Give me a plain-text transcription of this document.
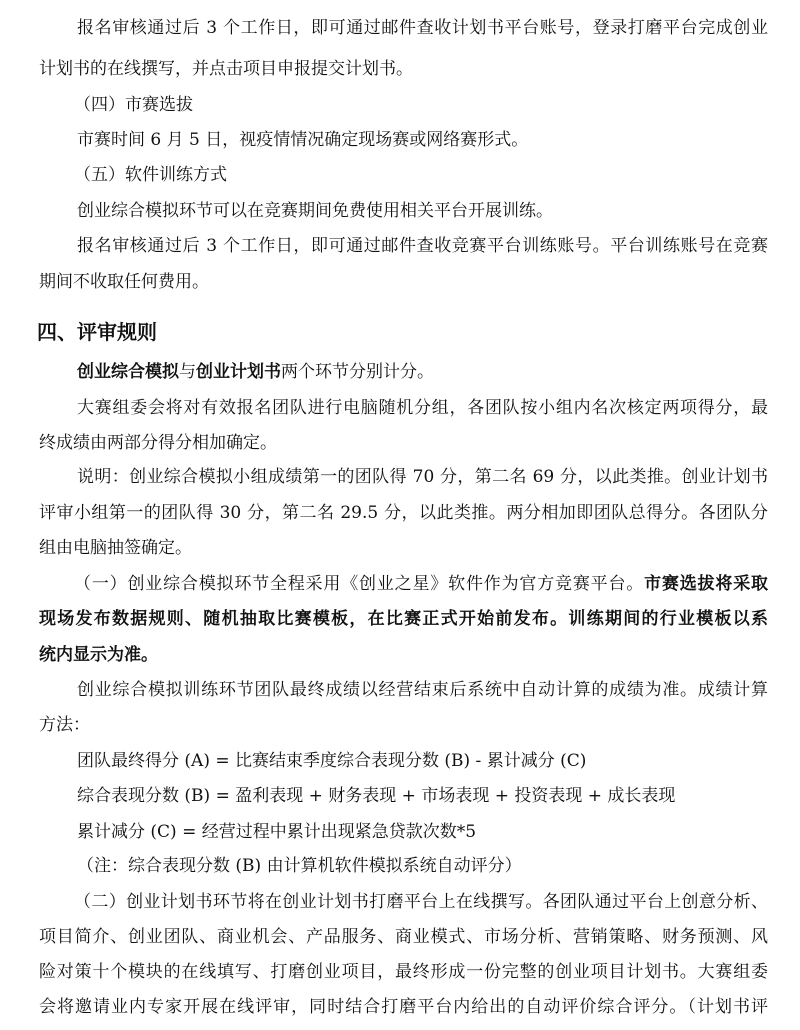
报名审核通过后 3 个工作日，即可通过邮件查收计划书平台账号，登录打磨平台完成创业
计划书的在线撰写，并点击项目申报提交计划书。
（四）市赛选拔
市赛时间 6 月 5 日，视疫情情况确定现场赛或网络赛形式。
（五）软件训练方式
创业综合模拟环节可以在竞赛期间免费使用相关平台开展训练。
报名审核通过后 3 个工作日，即可通过邮件查收竞赛平台训练账号。平台训练账号在竞赛
期间不收取任何费用。
四、评审规则
创业综合模拟与创业计划书两个环节分别计分。
大赛组委会将对有效报名团队进行电脑随机分组，各团队按小组内名次核定两项得分，最
终成绩由两部分得分相加确定。
说明：创业综合模拟小组成绩第一的团队得 70 分，第二名 69 分，以此类推。创业计划书
评审小组第一的团队得 30 分，第二名 29.5 分，以此类推。两分相加即团队总得分。各团队分
组由电脑抽签确定。
（一）创业综合模拟环节全程采用《创业之星》软件作为官方竞赛平台。市赛选拔将采取
现场发布数据规则、随机抽取比赛模板，在比赛正式开始前发布。训练期间的行业模板以系
统内显示为准。
创业综合模拟训练环节团队最终成绩以经营结束后系统中自动计算的成绩为准。成绩计算
方法：
团队最终得分 (A) = 比赛结束季度综合表现分数 (B) - 累计减分 (C)
综合表现分数 (B) = 盈利表现 + 财务表现 + 市场表现 + 投资表现 + 成长表现
累计减分 (C) = 经营过程中累计出现紧急贷款次数*5
（注：综合表现分数 (B) 由计算机软件模拟系统自动评分）
（二）创业计划书环节将在创业计划书打磨平台上在线撰写。各团队通过平台上创意分析、
项目简介、创业团队、商业机会、产品服务、商业模式、市场分析、营销策略、财务预测、风
险对策十个模块的在线填写、打磨创业项目，最终形成一份完整的创业项目计划书。大赛组委
会将邀请业内专家开展在线评审，同时结合打磨平台内给出的自动评价综合评分。（计划书评
